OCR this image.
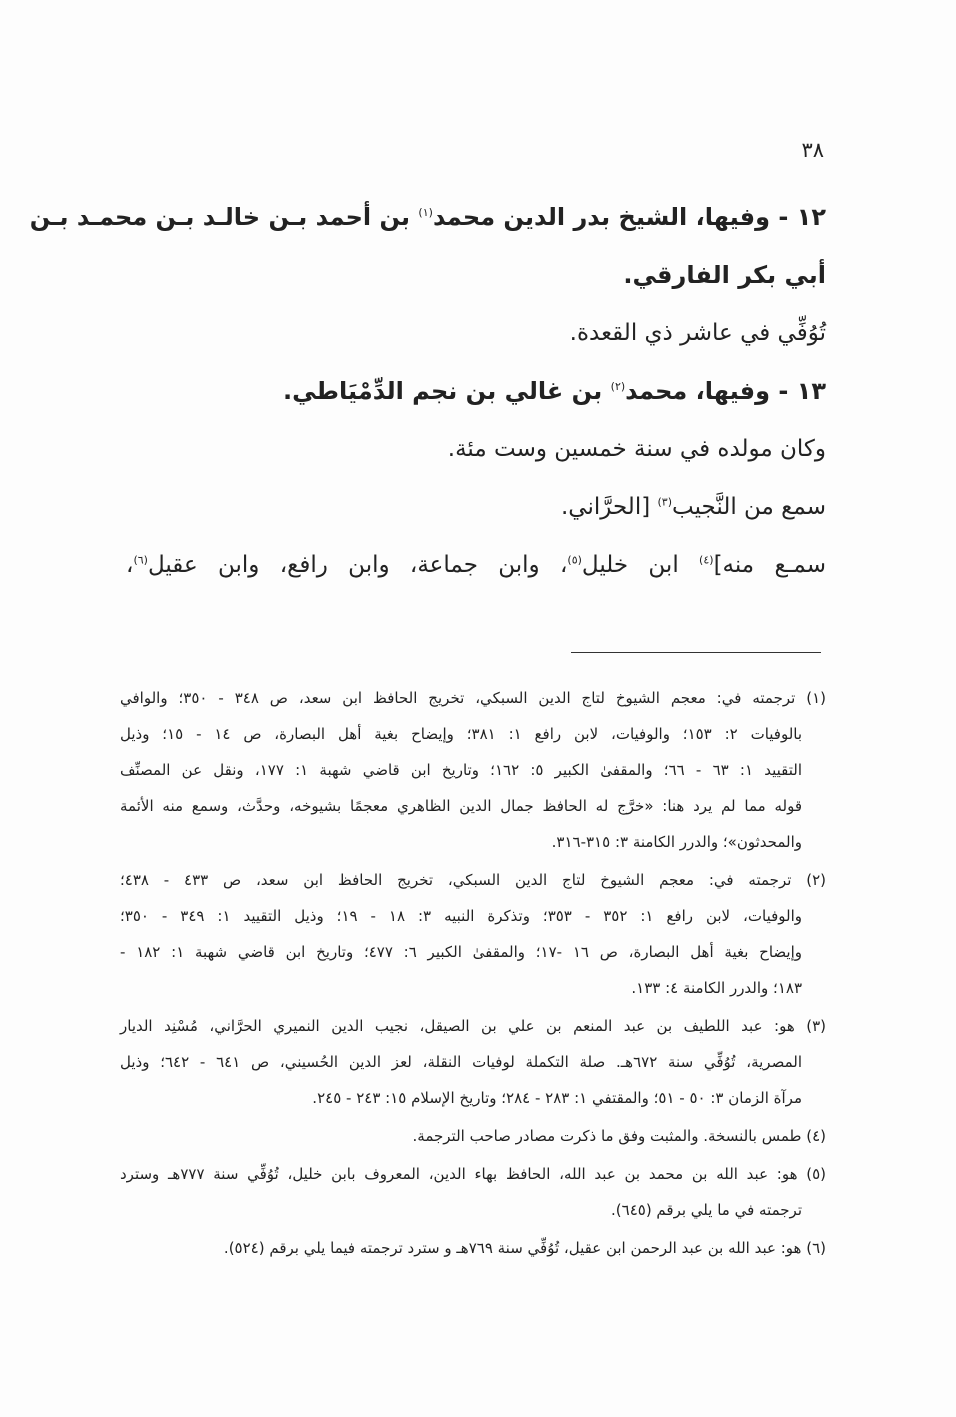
٣٨
١٢ - وفيها، الشيخ بدر الدين محمد$^{(١)}$ بن أحمد بـن خالـد بـن محمـد بـن
أبي بكر الفارقي.
تُوُفِّي في عاشر ذي القعدة.
١٣ - وفيها، محمد$^{(٢)}$ بن غالي بن نجم الدِّمْيَاطي.
وكان مولده في سنة خمسين وست مئة.
سمع من النَّجيب$^{(٣)}$ [الحرَّاني.
سمـع منه]$^{(٤)}$ ابن خليل$^{(٥)}$، وابن جماعة، وابن رافع، وابن عقيل$^{(٦)}$،
(١) ترجمته في: معجم الشيوخ لتاج الدين السبكي، تخريج الحافظ ابن سعد، ص ٣٤٨ - ٣٥٠؛ والوافي
بالوفيات ٢: ١٥٣؛ والوفيات، لابن رافع ١: ٣٨١؛ وإيضاح بغية أهل البصارة، ص ١٤ - ١٥؛ وذيل
التقييد ١: ٦٣ - ٦٦؛ والمقفىٰ الكبير ٥: ١٦٢؛ وتاريخ ابن قاضي شهبة ١: ١٧٧، ونقل عن المصنِّف
قوله مما لم يرد هنا: «خرَّج له الحافظ جمال الدين الظاهري معجمًا بشيوخه، وحدَّث، وسمع منه الأئمة
والمحدثون»؛ والدرر الكامنة ٣: ٣١٥-٣١٦.
(٢) ترجمته في: معجم الشيوخ لتاج الدين السبكي، تخريج الحافظ ابن سعد، ص ٤٣٣ - ٤٣٨؛
والوفيات، لابن رافع ١: ٣٥٢ - ٣٥٣؛ وتذكرة النبيه ٣: ١٨ - ١٩؛ وذيل التقييد ١: ٣٤٩ - ٣٥٠؛
وإيضاح بغية أهل البصارة، ص ١٦ -١٧؛ والمقفىٰ الكبير ٦: ٤٧٧؛ وتاريخ ابن قاضي شهبة ١: ١٨٢ -
١٨٣؛ والدرر الكامنة ٤: ١٣٣.
(٣) هو: عبد اللطيف بن عبد المنعم بن علي بن الصيقل، نجيب الدين النميري الحرَّاني، مُسْنِد الديار
المصرية، تُوُفِّي سنة ٦٧٢هـ. صلة التكملة لوفيات النقلة، لعز الدين الحُسيني، ص ٦٤١ - ٦٤٢؛ وذيل
مرآة الزمان ٣: ٥٠ - ٥١؛ والمقتفي ١: ٢٨٣ - ٢٨٤؛ وتاريخ الإسلام ١٥: ٢٤٣ - ٢٤٥.
(٤) طمس بالنسخة. والمثبت وفق ما ذكرت مصادر صاحب الترجمة.
(٥) هو: عبد الله بن محمد بن عبد الله، الحافظ بهاء الدين، المعروف بابن خليل، تُوُفِّي سنة ٧٧٧هـ وسترد
ترجمته في ما يلي برقم (٦٤٥).
(٦) هو: عبد الله بن عبد الرحمن ابن عقيل، تُوُفِّي سنة ٧٦٩هـ و سترد ترجمته فيما يلي برقم (٥٢٤).
